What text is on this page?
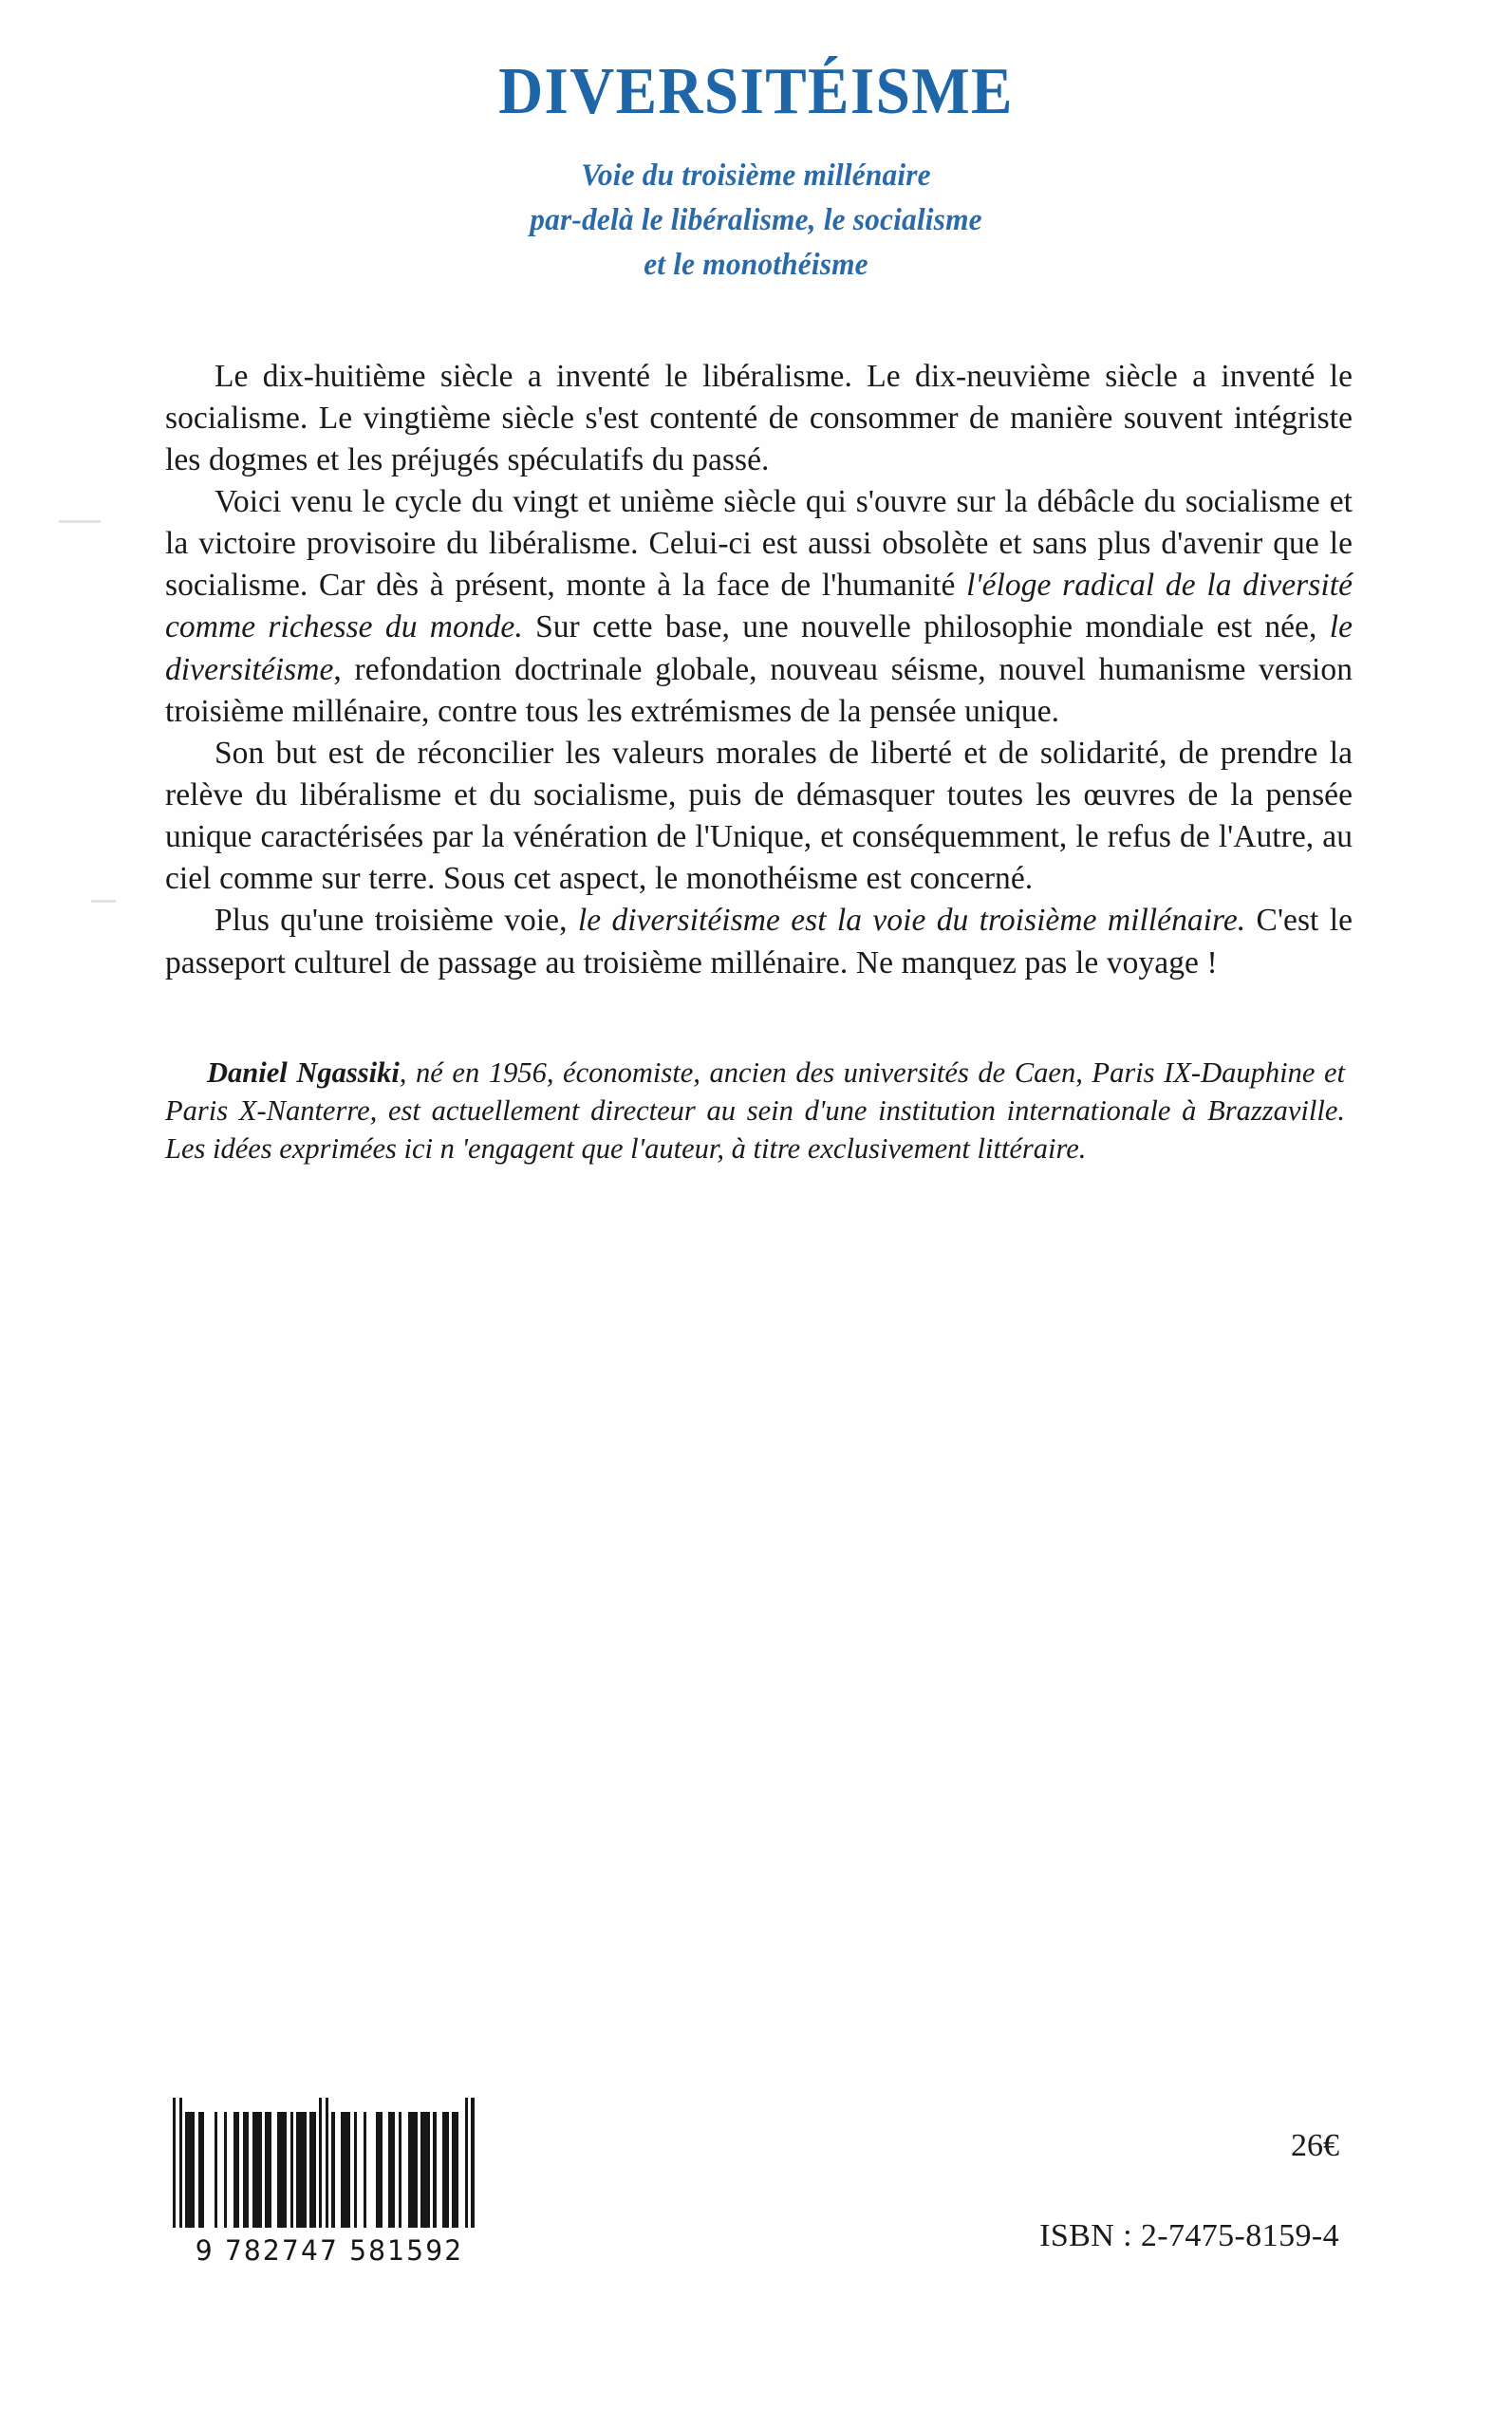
DIVERSITÉISME
Voie du troisième millénaire
par-delà le libéralisme, le socialisme
et le monothéisme

Le dix-huitième siècle a inventé le libéralisme. Le dix-neuvième siècle a inventé le socialisme. Le vingtième siècle s'est contenté de consommer de manière souvent intégriste les dogmes et les préjugés spéculatifs du passé.

Voici venu le cycle du vingt et unième siècle qui s'ouvre sur la débâcle du socialisme et la victoire provisoire du libéralisme. Celui-ci est aussi obsolète et sans plus d'avenir que le socialisme. Car dès à présent, monte à la face de l'humanité l'éloge radical de la diversité comme richesse du monde. Sur cette base, une nouvelle philosophie mondiale est née, le diversitéisme, refondation doctrinale globale, nouveau séisme, nouvel humanisme version troisième millénaire, contre tous les extrémismes de la pensée unique.

Son but est de réconcilier les valeurs morales de liberté et de solidarité, de prendre la relève du libéralisme et du socialisme, puis de démasquer toutes les œuvres de la pensée unique caractérisées par la vénération de l'Unique, et conséquemment, le refus de l'Autre, au ciel comme sur terre. Sous cet aspect, le monothéisme est concerné.

Plus qu'une troisième voie, le diversitéisme est la voie du troisième millénaire. C'est le passeport culturel de passage au troisième millénaire. Ne manquez pas le voyage !

Daniel Ngassiki, né en 1956, économiste, ancien des universités de Caen, Paris IX-Dauphine et Paris X-Nanterre, est actuellement directeur au sein d'une institution internationale à Brazzaville. Les idées exprimées ici n 'engagent que l'auteur, à titre exclusivement littéraire.

9 782747 581592
26€
ISBN : 2-7475-8159-4
